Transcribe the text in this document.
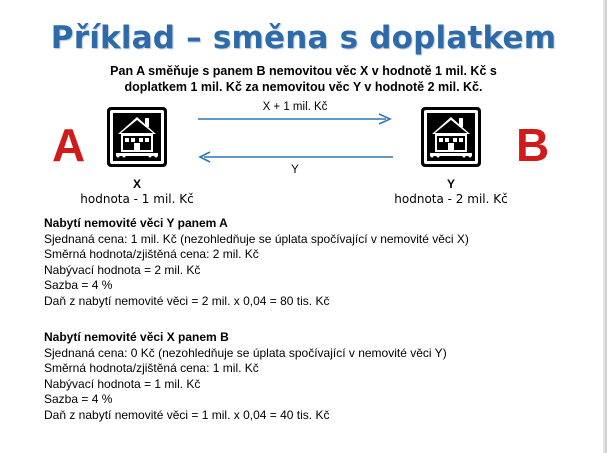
Příklad – směna s doplatkem
Pan A směňuje s panem B nemovitou věc X v hodnotě 1 mil. Kč s
doplatkem 1 mil. Kč za nemovitou věc Y v hodnotě 2 mil. Kč.
A	B
X + 1 mil. Kč
Y
X
hodnota - 1 mil. Kč
Y
hodnota - 2 mil. Kč
Nabytí nemovité věci Y panem A
Sjednaná cena: 1 mil. Kč (nezohledňuje se úplata spočívající v nemovité věci X)
Směrná hodnota/zjištěná cena: 2 mil. Kč
Nabývací hodnota = 2 mil. Kč
Sazba = 4 %
Daň z nabytí nemovité věci = 2 mil. x 0,04 = 80 tis. Kč
Nabytí nemovité věci X panem B
Sjednaná cena: 0 Kč (nezohledňuje se úplata spočívající v nemovité věci Y)
Směrná hodnota/zjištěná cena: 1 mil. Kč
Nabývací hodnota = 1 mil. Kč
Sazba = 4 %
Daň z nabytí nemovité věci = 1 mil. x 0,04 = 40 tis. Kč
